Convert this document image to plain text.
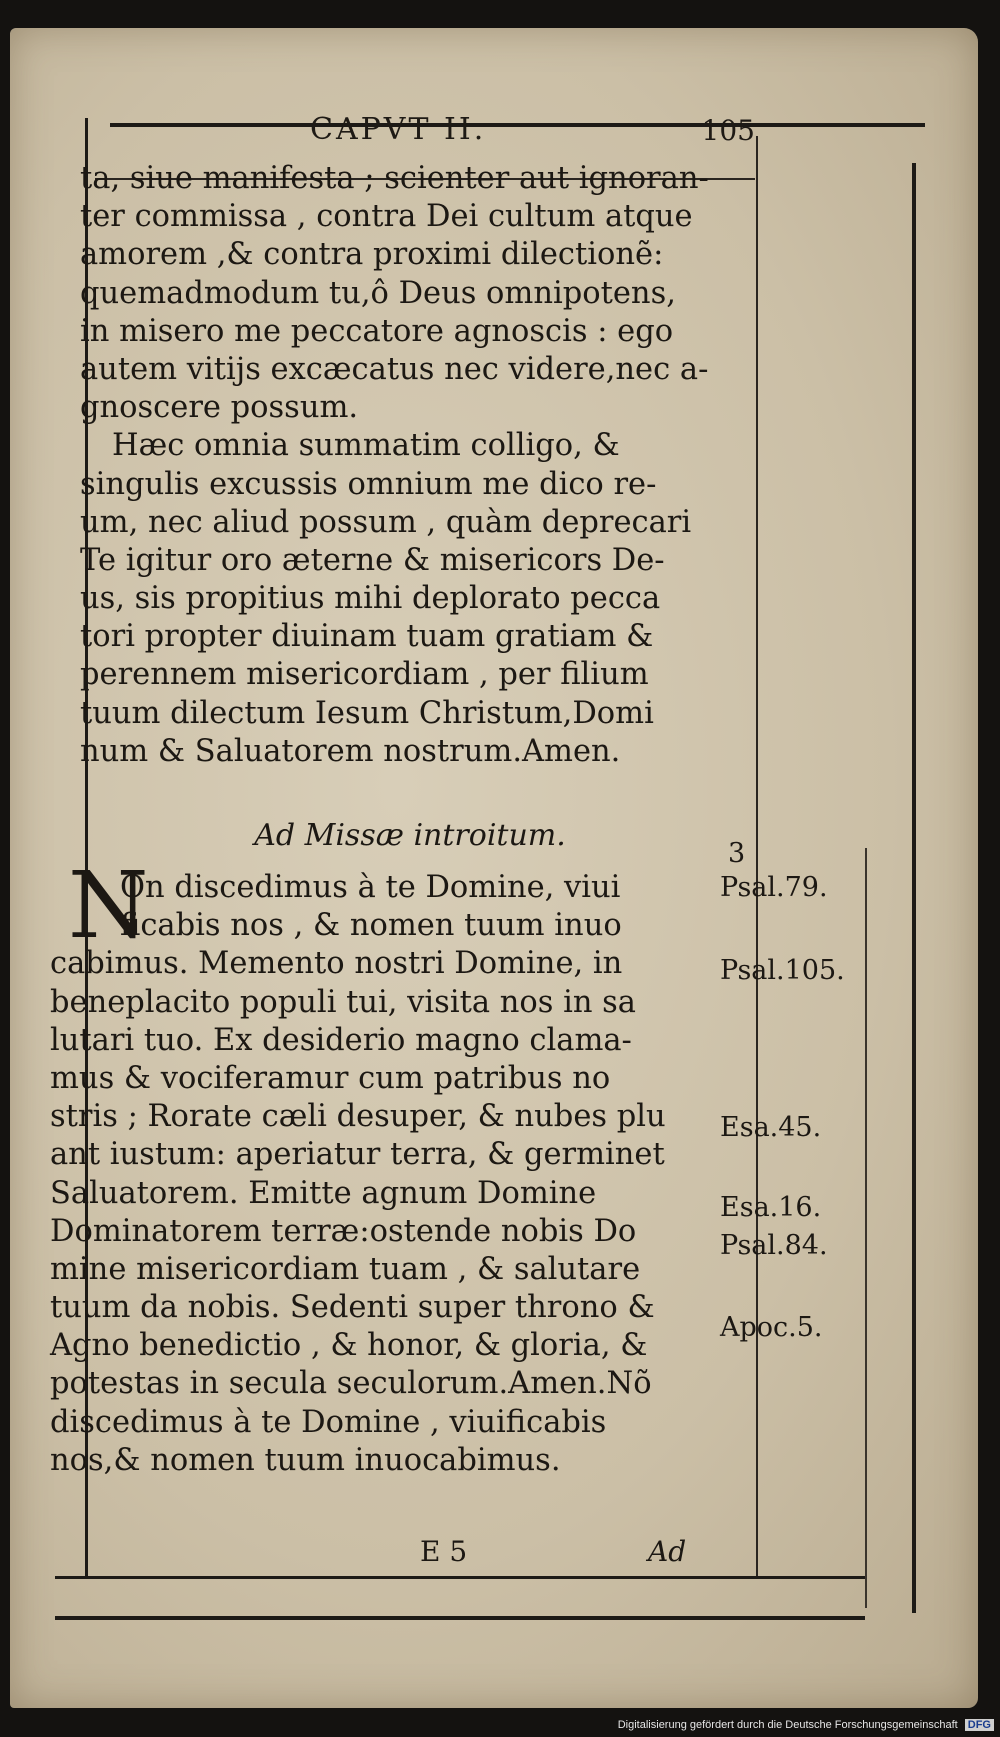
CAPVT II.	105
ta, siue manifesta ; scienter aut ignoran-
ter commissa , contra Dei cultum atque
amorem ,& contra proximi dilectionẽ:
quemadmodum tu,ô Deus omnipotens,
in misero me peccatore agnoscis : ego
autem vitijs excæcatus nec videre,nec a-
gnoscere possum.
Hæc omnia summatim colligo, &
singulis excussis omnium me dico re-
um, nec aliud possum , quàm deprecari
Te igitur oro æterne & misericors De-
us, sis propitius mihi deplorato pecca
tori propter diuinam tuam gratiam &
perennem misericordiam , per filium
tuum dilectum Iesum Christum,Domi
num & Saluatorem nostrum.Amen.
Ad Missæ introitum.
N
On discedimus à te Domine, viui
ficabis nos , & nomen tuum inuo
cabimus. Memento nostri Domine, in
beneplacito populi tui, visita nos in sa
lutari tuo. Ex desiderio magno clama-
mus & vociferamur cum patribus no
stris ; Rorate cæli desuper, & nubes plu
ant iustum: aperiatur terra, & germinet
Saluatorem. Emitte agnum Domine
Dominatorem terræ:ostende nobis Do
mine misericordiam tuam , & salutare
tuum da nobis. Sedenti super throno &
Agno benedictio , & honor, & gloria, &
potestas in secula seculorum.Amen.Nõ
discedimus à te Domine , viuificabis
nos,& nomen tuum inuocabimus.
3
Psal.79.
Psal.105.
Esa.45.
Esa.16.
Psal.84.
Apoc.5.
E 5	Ad
Digitalisierung gefördert durch die Deutsche Forschungsgemeinschaft DFG
